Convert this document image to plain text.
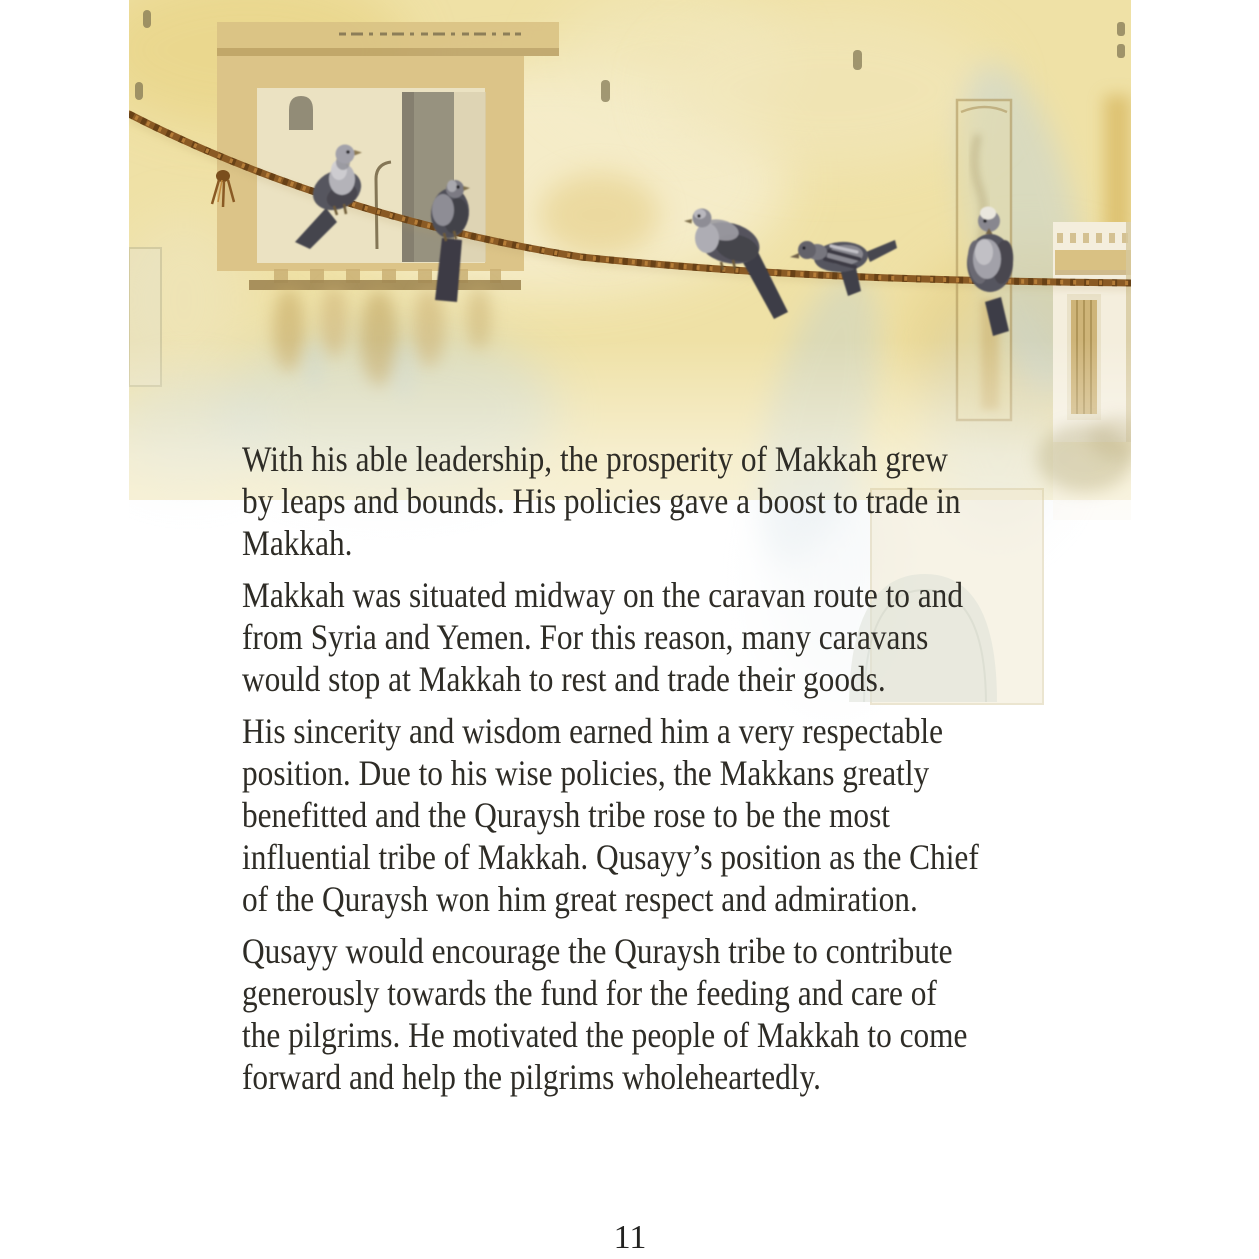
With his able leadership, the prosperity of Makkah grew
by leaps and bounds. His policies gave a boost to trade in
Makkah.

Makkah was situated midway on the caravan route to and
from Syria and Yemen. For this reason, many caravans
would stop at Makkah to rest and trade their goods.

His sincerity and wisdom earned him a very respectable
position. Due to his wise policies, the Makkans greatly
benefitted and the Quraysh tribe rose to be the most
influential tribe of Makkah. Qusayy’s position as the Chief
of the Quraysh won him great respect and admiration.

Qusayy would encourage the Quraysh tribe to contribute
generously towards the fund for the feeding and care of
the pilgrims. He motivated the people of Makkah to come
forward and help the pilgrims wholeheartedly.

11
